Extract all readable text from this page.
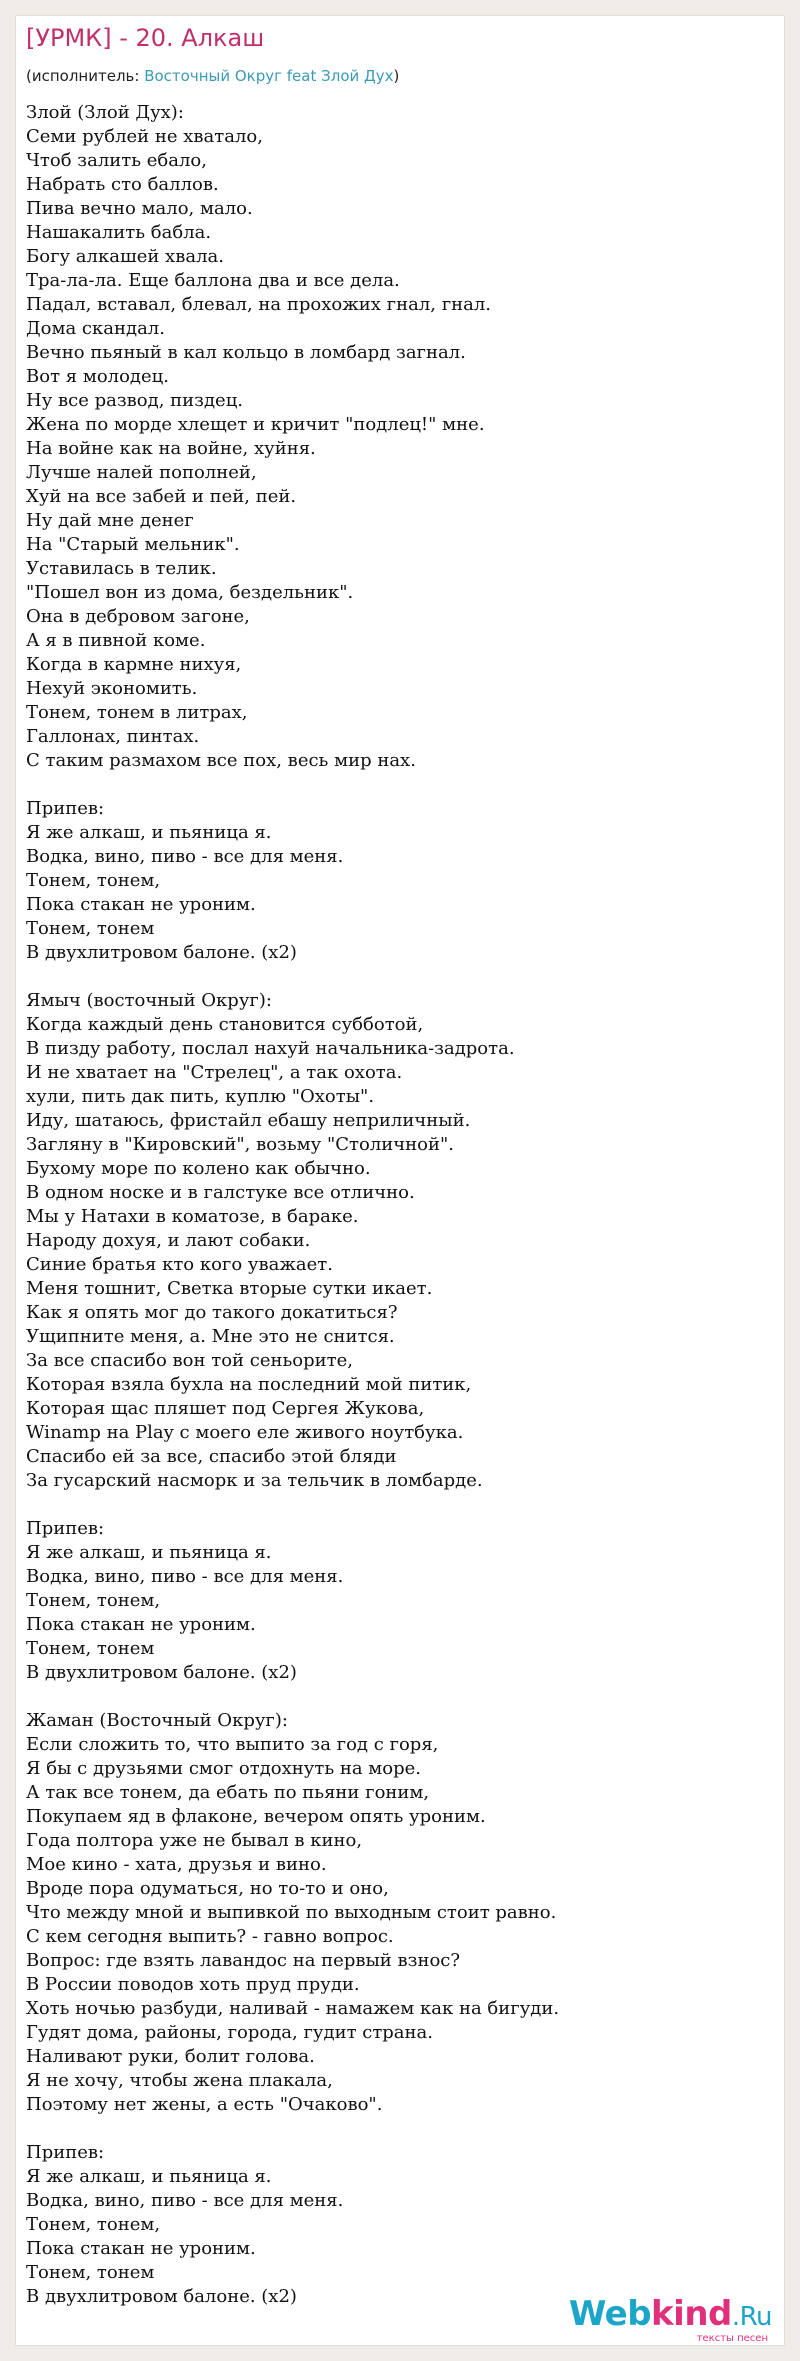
[УРМК] - 20. Алкаш
(исполнитель: Восточный Округ feat Злой Дух)
Злой (Злой Дух):
Семи рублей не хватало,
Чтоб залить ебало,
Набрать сто баллов.
Пива вечно мало, мало.
Нашакалить бабла.
Богу алкашей хвала.
Тра-ла-ла. Еще баллона два и все дела.
Падал, вставал, блевал, на прохожих гнал, гнал.
Дома скандал.
Вечно пьяный в кал кольцо в ломбард загнал.
Вот я молодец.
Ну все развод, пиздец.
Жена по морде хлещет и кричит "подлец!" мне.
На войне как на войне, хуйня.
Лучше налей пополней,
Хуй на все забей и пей, пей.
Ну дай мне денег
На "Старый мельник".
Уставилась в телик.
"Пошел вон из дома, бездельник".
Она в дебровом загоне,
А я в пивной коме.
Когда в кармне нихуя,
Нехуй экономить.
Тонем, тонем в литрах,
Галлонах, пинтах.
С таким размахом все пох, весь мир нах.
Припев:
Я же алкаш, и пьяница я.
Водка, вино, пиво - все для меня.
Тонем, тонем,
Пока стакан не уроним.
Тонем, тонем
В двухлитровом балоне. (х2)
Ямыч (восточный Округ):
Когда каждый день становится субботой,
В пизду работу, послал нахуй начальника-задрота.
И не хватает на "Стрелец", а так охота.
хули, пить дак пить, куплю "Охоты".
Иду, шатаюсь, фристайл ебашу неприличный.
Загляну в "Кировский", возьму "Столичной".
Бухому море по колено как обычно.
В одном носке и в галстуке все отлично.
Мы у Натахи в коматозе, в бараке.
Народу дохуя, и лают собаки.
Синие братья кто кого уважает.
Меня тошнит, Светка вторые сутки икает.
Как я опять мог до такого докатиться?
Ущипните меня, а. Мне это не снится.
За все спасибо вон той сеньорите,
Которая взяла бухла на последний мой питик,
Которая щас пляшет под Сергея Жукова,
Winamp на Play с моего еле живого ноутбука.
Спасибо ей за все, спасибо этой бляди
За гусарский насморк и за тельчик в ломбарде.
Припев:
Я же алкаш, и пьяница я.
Водка, вино, пиво - все для меня.
Тонем, тонем,
Пока стакан не уроним.
Тонем, тонем
В двухлитровом балоне. (х2)
Жаман (Восточный Округ):
Если сложить то, что выпито за год с горя,
Я бы с друзьями смог отдохнуть на море.
А так все тонем, да ебать по пьяни гоним,
Покупаем яд в флаконе, вечером опять уроним.
Года полтора уже не бывал в кино,
Мое кино - хата, друзья и вино.
Вроде пора одуматься, но то-то и оно,
Что между мной и выпивкой по выходным стоит равно.
С кем сегодня выпить? - гавно вопрос.
Вопрос: где взять лавандос на первый взнос?
В России поводов хоть пруд пруди.
Хоть ночью разбуди, наливай - намажем как на бигуди.
Гудят дома, районы, города, гудит страна.
Наливают руки, болит голова.
Я не хочу, чтобы жена плакала,
Поэтому нет жены, а есть "Очаково".
Припев:
Я же алкаш, и пьяница я.
Водка, вино, пиво - все для меня.
Тонем, тонем,
Пока стакан не уроним.
Тонем, тонем
В двухлитровом балоне. (х2)	Webkind.Ru
тексты песен
